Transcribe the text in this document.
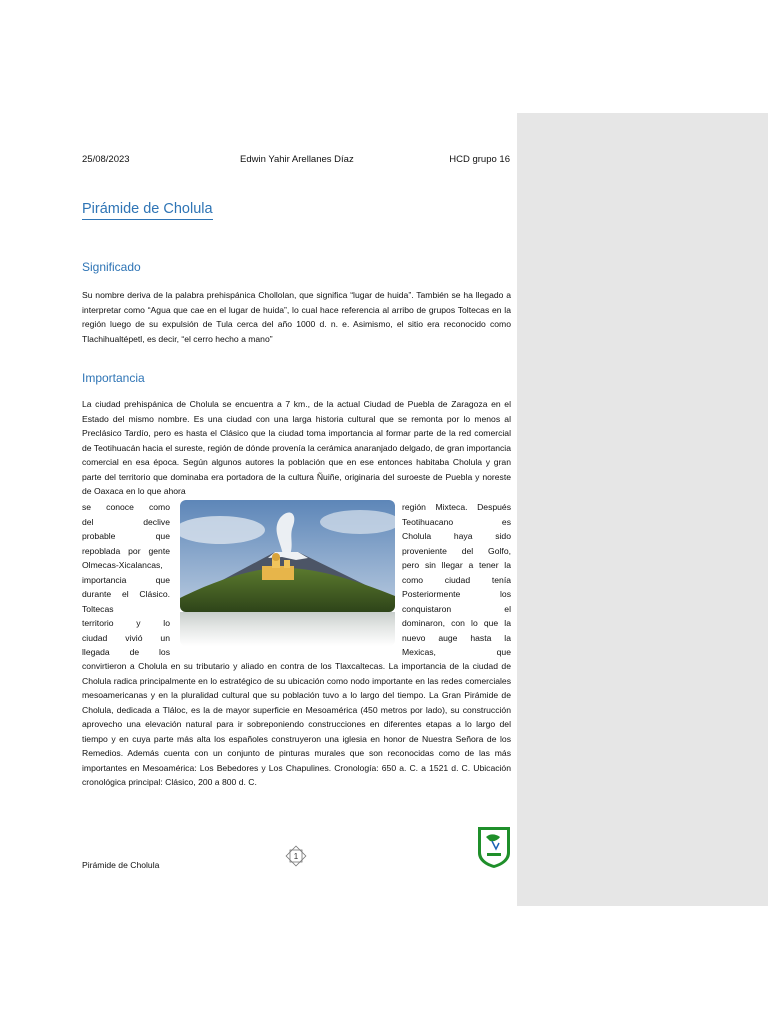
25/08/2023	Edwin Yahir Arellanes Díaz	HCD grupo 16
Pirámide de Cholula
Significado
Su nombre deriva de la palabra prehispánica Chollolan, que significa “lugar de huida”. También se ha llegado a interpretar como “Agua que cae en el lugar de huida”, lo cual hace referencia al arribo de grupos Toltecas en la región luego de su expulsión de Tula cerca del año 1000 d. n. e. Asimismo, el sitio era reconocido como Tlachihualtépetl, es decir, “el cerro hecho a mano”
Importancia
La ciudad prehispánica de Cholula se encuentra a 7 km., de la actual Ciudad de Puebla de Zaragoza en el Estado del mismo nombre. Es una ciudad con una larga historia cultural que se remonta por lo menos al Preclásico Tardío, pero es hasta el Clásico que la ciudad toma importancia al formar parte de la red comercial de Teotihuacán hacia el sureste, región de dónde provenía la cerámica anaranjado delgado, de gran importancia comercial en esa época. Según algunos autores la población que en ese entonces habitaba Cholula y gran parte del territorio que dominaba era portadora de la cultura Ñuiñe, originaria del suroeste de Puebla y noreste de Oaxaca en lo que ahora
se conoce como
del declive
probable que
repoblada por gente
Olmecas-Xicalancas,
importancia que
durante el Clásico.
Toltecas
territorio y lo
ciudad vivió un
llegada de los
región Mixteca. Después
Teotihuacano es
Cholula haya sido
proveniente del Golfo,
pero sin llegar a tener la
como ciudad tenía
Posteriormente los
conquistaron el
dominaron, con lo que la
nuevo auge hasta la
Mexicas, que
convirtieron a Cholula en su tributario y aliado en contra de los Tlaxcaltecas. La importancia de la ciudad de Cholula radica principalmente en lo estratégico de su ubicación como nodo importante en las redes comerciales mesoamericanas y en la pluralidad cultural que su población tuvo a lo largo del tiempo. La Gran Pirámide de Cholula, dedicada a Tláloc, es la de mayor superficie en Mesoamérica (450 metros por lado), su construcción aprovecho una elevación natural para ir sobreponiendo construcciones en diferentes etapas a lo largo del tiempo y en cuya parte más alta los españoles construyeron una iglesia en honor de Nuestra Señora de los Remedios. Además cuenta con un conjunto de pinturas murales que son reconocidas como de las más importantes en Mesoamérica: Los Bebedores y Los Chapulines. Cronología: 650 a. C. a 1521 d. C. Ubicación cronológica principal: Clásico, 200 a 800 d. C.
Pirámide de Cholula
1
